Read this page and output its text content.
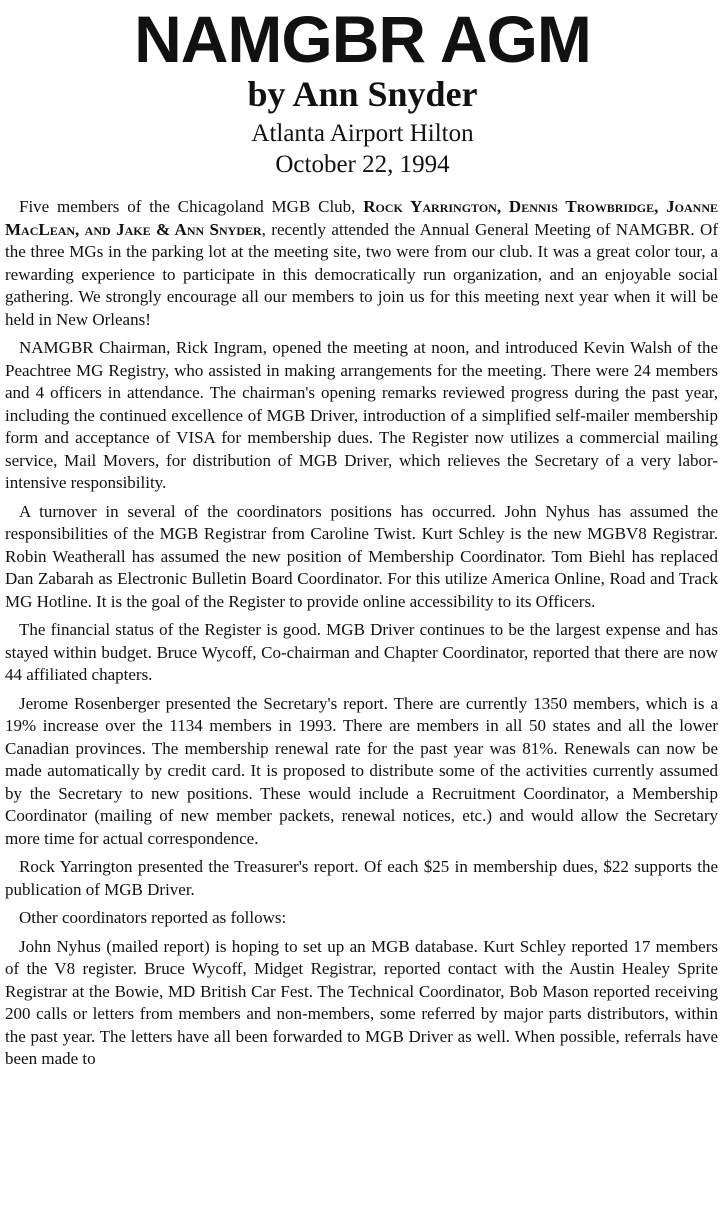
NAMGBR AGM
by Ann Snyder
Atlanta Airport Hilton
October 22, 1994

Five members of the Chicagoland MGB Club, Rock Yarrington, Dennis Trowbridge, Joanne MacLean, and Jake & Ann Snyder, recently attended the Annual General Meeting of NAMGBR. Of the three MGs in the parking lot at the meeting site, two were from our club. It was a great color tour, a rewarding experience to participate in this democratically run organization, and an enjoyable social gathering. We strongly encourage all our members to join us for this meeting next year when it will be held in New Orleans!

NAMGBR Chairman, Rick Ingram, opened the meeting at noon, and introduced Kevin Walsh of the Peachtree MG Registry, who assisted in making arrangements for the meeting. There were 24 members and 4 officers in attendance. The chairman's opening remarks reviewed progress during the past year, including the continued excellence of MGB Driver, introduction of a simplified self-mailer membership form and acceptance of VISA for membership dues. The Register now utilizes a commercial mailing service, Mail Movers, for distribution of MGB Driver, which relieves the Secretary of a very labor-intensive responsibility.

A turnover in several of the coordinators positions has occurred. John Nyhus has assumed the responsibilities of the MGB Registrar from Caroline Twist. Kurt Schley is the new MGBV8 Registrar. Robin Weatherall has assumed the new position of Membership Coordinator. Tom Biehl has replaced Dan Zabarah as Electronic Bulletin Board Coordinator. For this utilize America Online, Road and Track MG Hotline. It is the goal of the Register to provide online accessibility to its Officers.

The financial status of the Register is good. MGB Driver continues to be the largest expense and has stayed within budget. Bruce Wycoff, Co-chairman and Chapter Coordinator, reported that there are now 44 affiliated chapters.

Jerome Rosenberger presented the Secretary's report. There are currently 1350 members, which is a 19% increase over the 1134 members in 1993. There are members in all 50 states and all the lower Canadian provinces. The membership renewal rate for the past year was 81%. Renewals can now be made automatically by credit card. It is proposed to distribute some of the activities currently assumed by the Secretary to new positions. These would include a Recruitment Coordinator, a Membership Coordinator (mailing of new member packets, renewal notices, etc.) and would allow the Secretary more time for actual correspondence.

Rock Yarrington presented the Treasurer's report. Of each $25 in membership dues, $22 supports the publication of MGB Driver.

Other coordinators reported as follows:

John Nyhus (mailed report) is hoping to set up an MGB database. Kurt Schley reported 17 members of the V8 register. Bruce Wycoff, Midget Registrar, reported contact with the Austin Healey Sprite Registrar at the Bowie, MD British Car Fest. The Technical Coordinator, Bob Mason reported receiving 200 calls or letters from members and non-members, some referred by major parts distributors, within the past year. The letters have all been forwarded to MGB Driver as well. When possible, referrals have been made to
